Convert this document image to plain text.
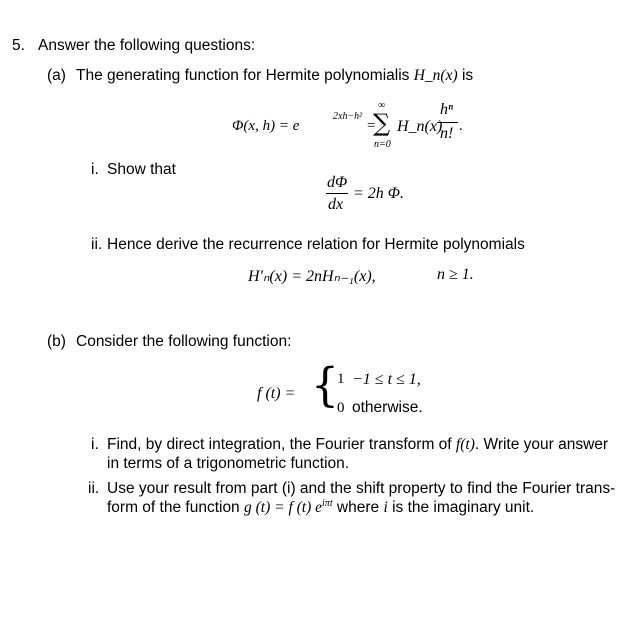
5. Answer the following questions:
(a) The generating function for Hermite polynomialis H_n(x) is
Φ(x, h) = e
2xh−h²
=
∞
∑
n=0
H_n(x)
hⁿ
n! .
i. Show that
dΦ
dx
= 2h Φ.
ii. Hence derive the recurrence relation for Hermite polynomials
H′ₙ(x) = 2nHₙ₋₁(x),	n ≥ 1.
(b) Consider the following function:
f (t) = {
1 −1 ≤ t ≤ 1,
0 otherwise.
i. Find, by direct integration, the Fourier transform of f(t). Write your answer
in terms of a trigonometric function.
ii. Use your result from part (i) and the shift property to find the Fourier trans-
form of the function g (t) = f (t) $e^{i\pi t}$ where i is the imaginary unit.
